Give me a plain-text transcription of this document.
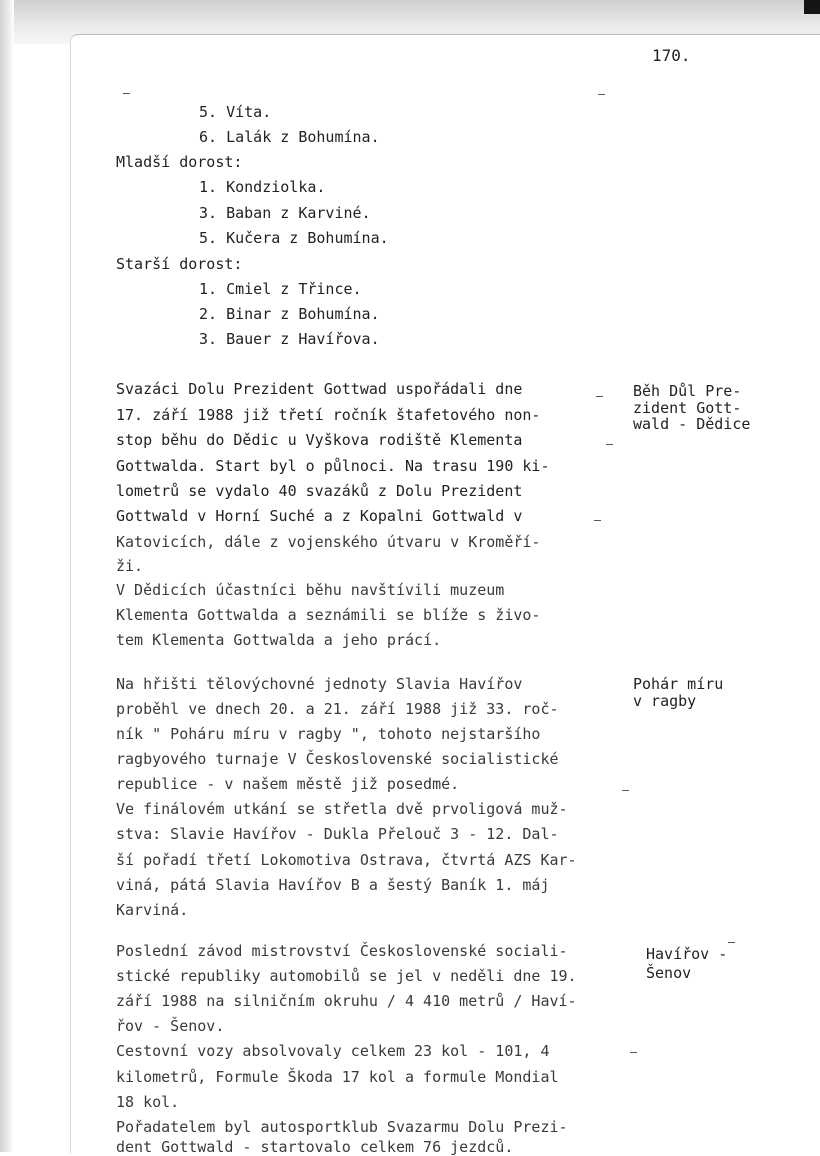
170.
5. Víta.
6. Lalák z Bohumína.
Mladší dorost:
1. Kondziolka.
3. Baban z Karviné.
5. Kučera z Bohumína.
Starší dorost:
1. Cmiel z Třince.
2. Binar z Bohumína.
3. Bauer z Havířova.
Běh Důl Pre-
zident Gott-
wald - Dědice
Svazáci Dolu Prezident Gottwad uspořádali dne
17. září 1988 již třetí ročník štafetového non-
stop běhu do Dědic u Vyškova rodiště Klementa
Gottwalda. Start byl o půlnoci. Na trasu 190 ki-
lometrů se vydalo 40 svazáků z Dolu Prezident
Gottwald v Horní Suché a z Kopalni Gottwald v
Katovicích, dále z vojenského útvaru v Kroměří-
ži.
V Dědicích účastníci běhu navštívili muzeum
Klementa Gottwalda a seznámili se blíže s živo-
tem Klementa Gottwalda a jeho prácí.
Pohár míru
v ragby
Na hřišti tělovýchovné jednoty Slavia Havířov
proběhl ve dnech 20. a 21. září 1988 již 33. roč-
ník " Poháru míru v ragby ", tohoto nejstaršího
ragbyového turnaje V Československé socialistické
republice - v našem městě již posedmé.
Ve finálovém utkání se střetla dvě prvoligová muž-
stva: Slavie Havířov - Dukla Přelouč 3 - 12. Dal-
ší pořadí třetí Lokomotiva Ostrava, čtvrtá AZS Kar-
viná, pátá Slavia Havířov B a šestý Baník 1. máj
Karviná.
Havířov -
Šenov
Poslední závod mistrovství Československé sociali-
stické republiky automobilů se jel v neděli dne 19.
září 1988 na silničním okruhu / 4 410 metrů / Haví-
řov - Šenov.
Cestovní vozy absolvovaly celkem 23 kol - 101, 4
kilometrů, Formule Škoda 17 kol a formule Mondial
18 kol.
Pořadatelem byl autosportklub Svazarmu Dolu Prezi-
dent Gottwald - startovalo celkem 76 jezdců.
